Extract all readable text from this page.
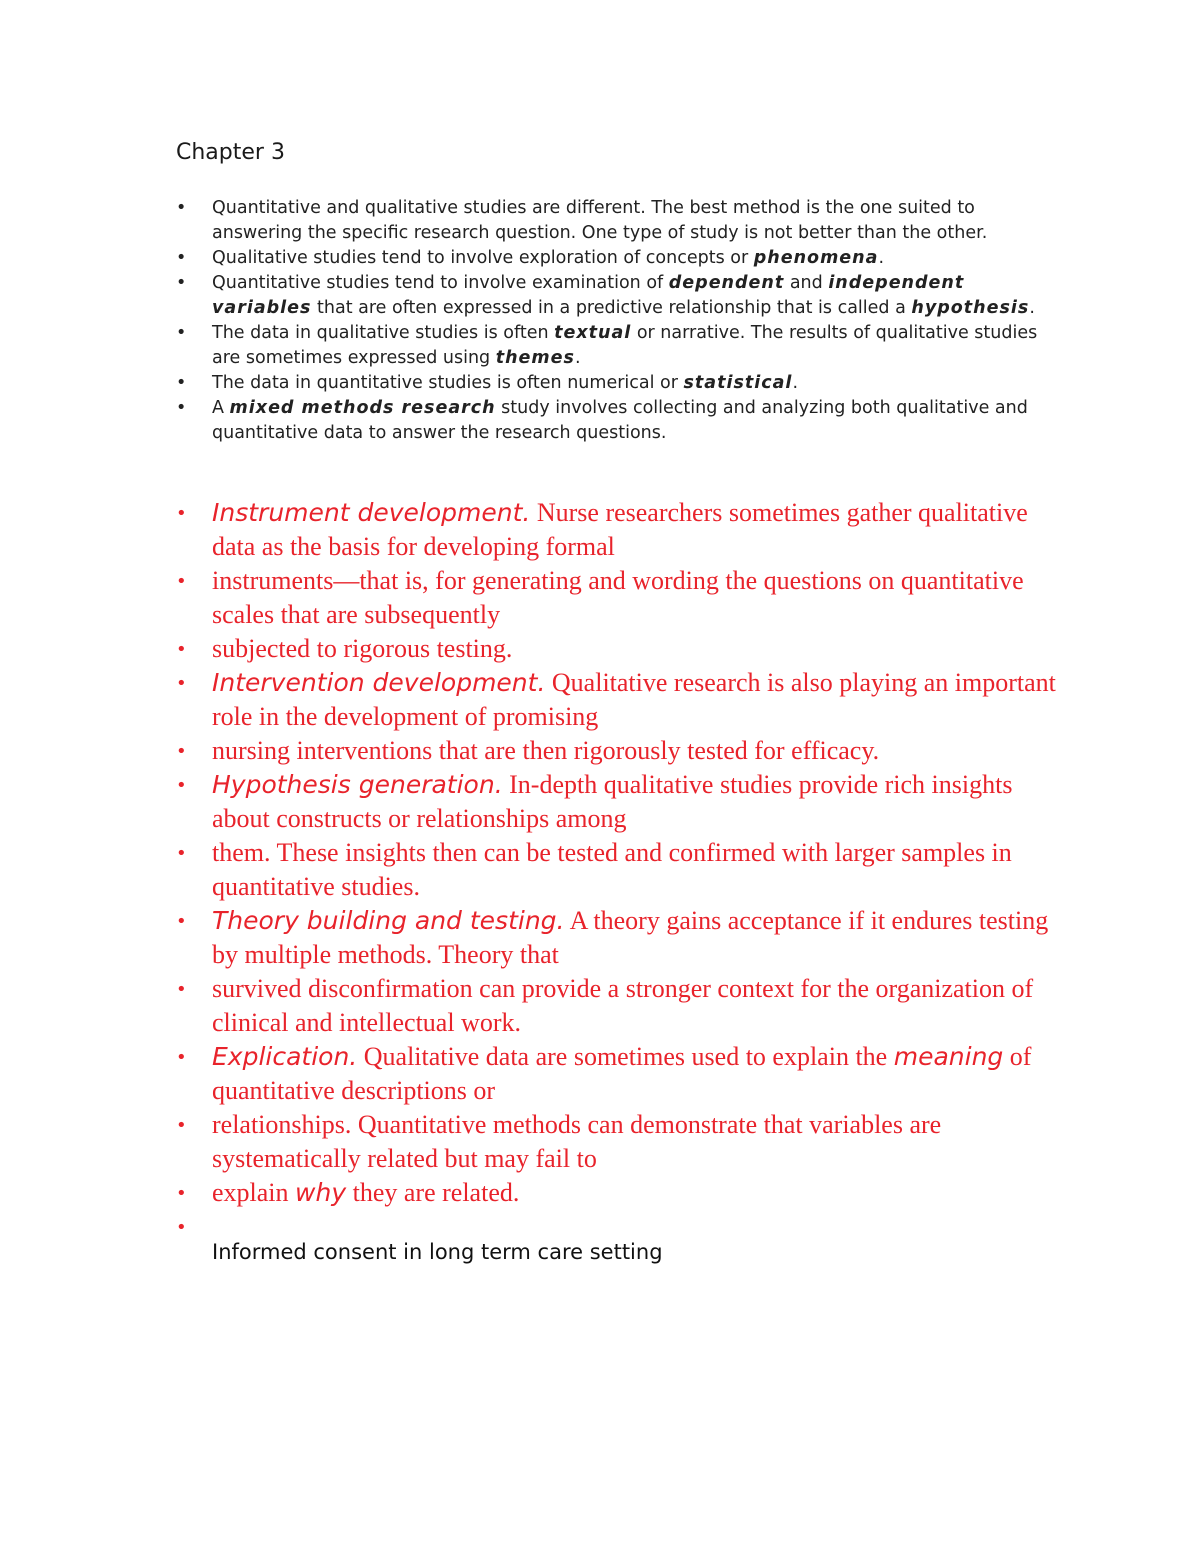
Chapter 3
• Quantitative and qualitative studies are different. The best method is the one suited to answering the specific research question. One type of study is not better than the other.
• Qualitative studies tend to involve exploration of concepts or phenomena.
• Quantitative studies tend to involve examination of dependent and independent variables that are often expressed in a predictive relationship that is called a hypothesis.
• The data in qualitative studies is often textual or narrative. The results of qualitative studies are sometimes expressed using themes.
• The data in quantitative studies is often numerical or statistical.
• A mixed methods research study involves collecting and analyzing both qualitative and quantitative data to answer the research questions.
• Instrument development. Nurse researchers sometimes gather qualitative data as the basis for developing formal
• instruments—that is, for generating and wording the questions on quantitative scales that are subsequently
• subjected to rigorous testing.
• Intervention development. Qualitative research is also playing an important role in the development of promising
• nursing interventions that are then rigorously tested for efficacy.
• Hypothesis generation. In-depth qualitative studies provide rich insights about constructs or relationships among
• them. These insights then can be tested and confirmed with larger samples in quantitative studies.
• Theory building and testing. A theory gains acceptance if it endures testing by multiple methods. Theory that
• survived disconfirmation can provide a stronger context for the organization of clinical and intellectual work.
• Explication. Qualitative data are sometimes used to explain the meaning of quantitative descriptions or
• relationships. Quantitative methods can demonstrate that variables are systematically related but may fail to
• explain why they are related.
•
Informed consent in long term care setting
